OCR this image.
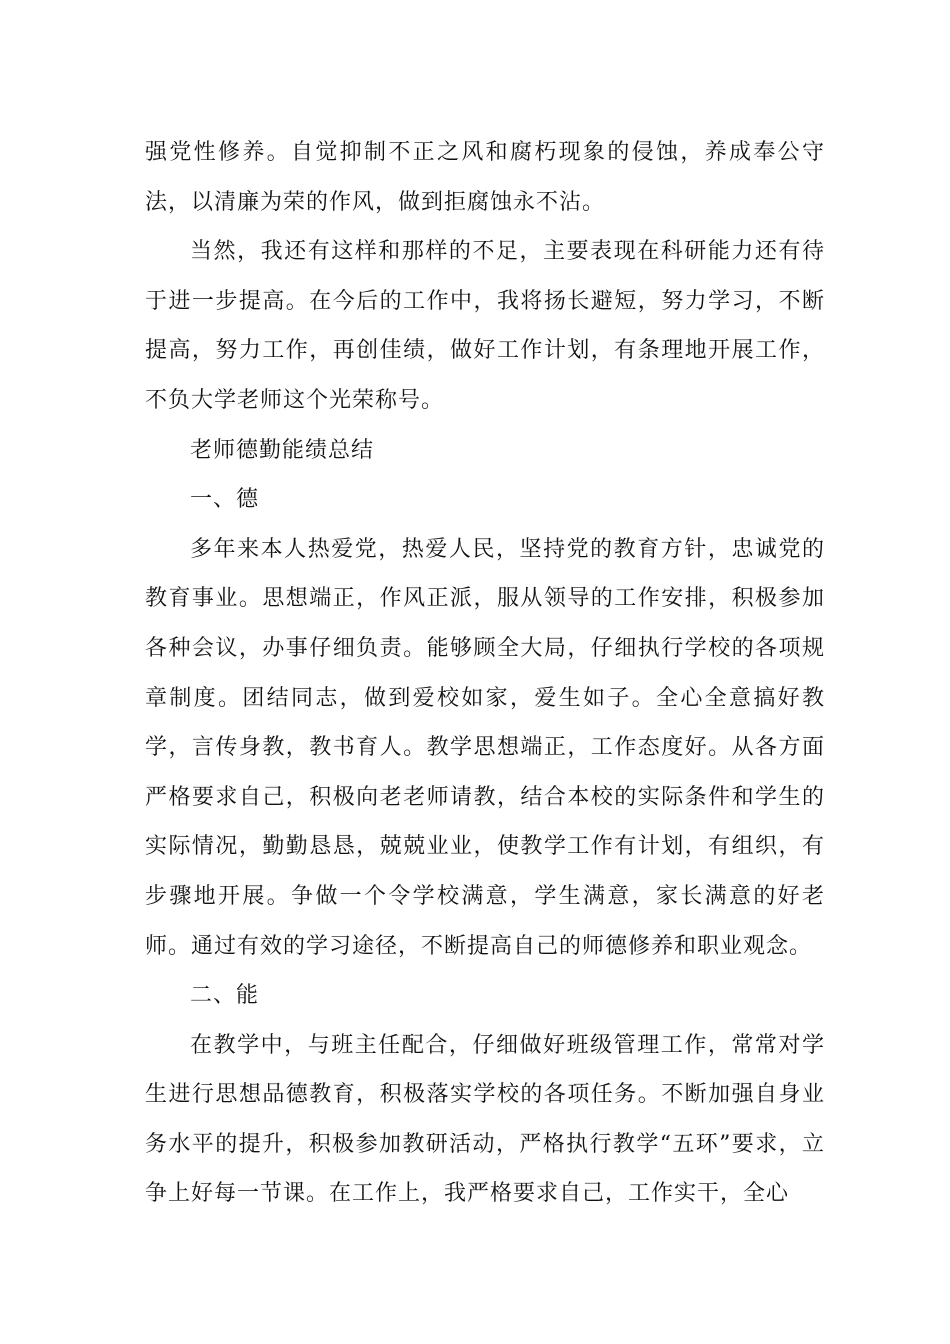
强党性修养。自觉抑制不正之风和腐朽现象的侵蚀，养成奉公守法，以清廉为荣的作风，做到拒腐蚀永不沾。

当然，我还有这样和那样的不足，主要表现在科研能力还有待于进一步提高。在今后的工作中，我将扬长避短，努力学习，不断提高，努力工作，再创佳绩，做好工作计划，有条理地开展工作，不负大学老师这个光荣称号。

老师德勤能绩总结

一、德

多年来本人热爱党，热爱人民，坚持党的教育方针，忠诚党的教育事业。思想端正，作风正派，服从领导的工作安排，积极参加各种会议，办事仔细负责。能够顾全大局，仔细执行学校的各项规章制度。团结同志，做到爱校如家，爱生如子。全心全意搞好教学，言传身教，教书育人。教学思想端正，工作态度好。从各方面严格要求自己，积极向老老师请教，结合本校的实际条件和学生的实际情况，勤勤恳恳，兢兢业业，使教学工作有计划，有组织，有步骤地开展。争做一个令学校满意，学生满意，家长满意的好老师。通过有效的学习途径，不断提高自己的师德修养和职业观念。

二、能

在教学中，与班主任配合，仔细做好班级管理工作，常常对学生进行思想品德教育，积极落实学校的各项任务。不断加强自身业务水平的提升，积极参加教研活动，严格执行教学“五环”要求，立争上好每一节课。在工作上，我严格要求自己，工作实干，全心
